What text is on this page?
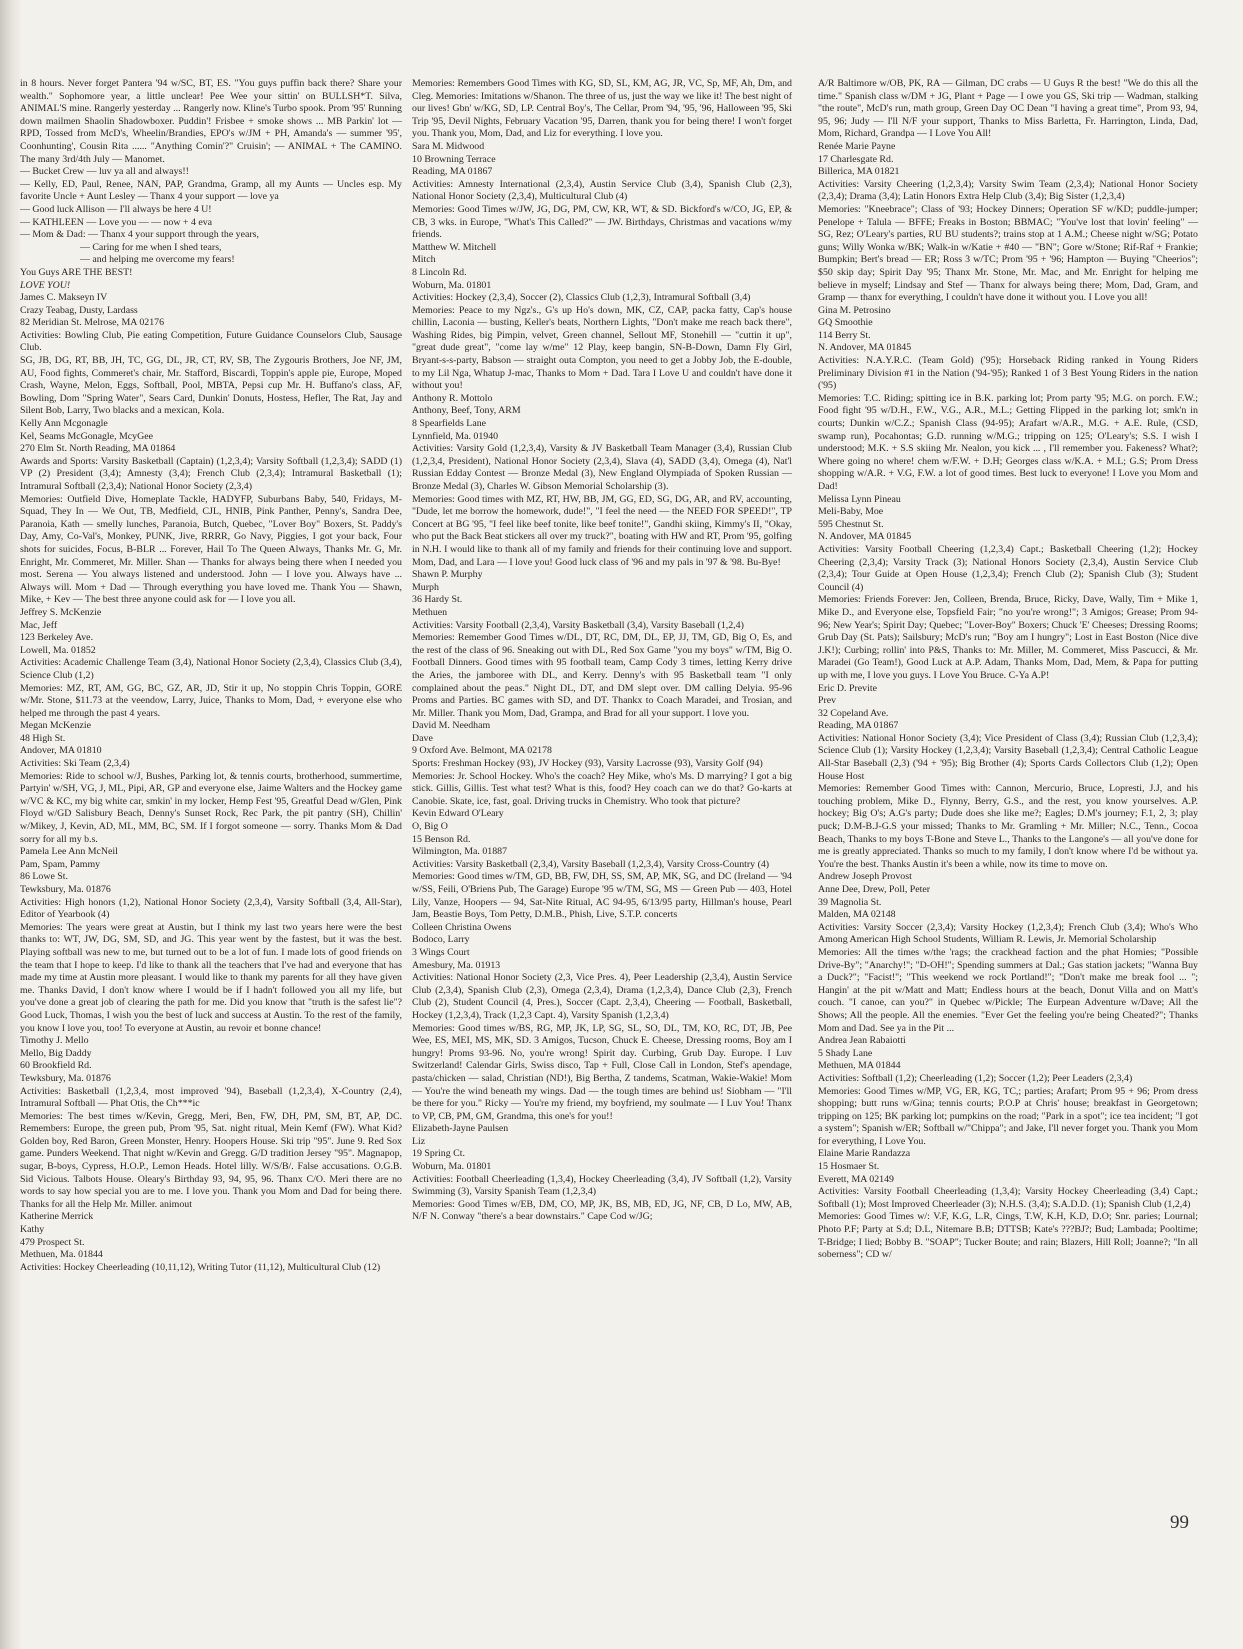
in 8 hours. Never forget Pantera '94 w/SC, BT, ES. "You guys puffin back there? Share your wealth." Sophomore year, a little unclear! Pee Wee your sittin' on BULLSH*T. Silva, ANIMAL'S mine. Rangerly yesterday ... Rangerly now. Kline's Turbo spook. Prom '95' Running down mailmen Shaolin Shadowboxer. Puddin'! Frisbee + smoke shows ... MB Parkin' lot — RPD, Tossed from McD's, Wheelin/Brandies, EPO's w/JM + PH, Amanda's — summer '95', Coonhunting', Cousin Rita ...... "Anything Comin'?" Cruisin'; — ANIMAL + The CAMINO. The many 3rd/4th July — Manomet.

— Bucket Crew — luv ya all and always!!

— Kelly, ED, Paul, Renee, NAN, PAP, Grandma, Gramp, all my Aunts — Uncles esp. My favorite Uncle + Aunt Lesley — Thanx 4 your support — love ya

— Good luck Allison — I'll always be here 4 U!

— KATHLEEN — Love you — — now + 4 eva

— Mom & Dad: — Thanx 4 your support through the years,

— Caring for me when I shed tears,

— and helping me overcome my fears!

You Guys ARE THE BEST!

LOVE YOU!

James C. Makseyn IV

Crazy Teabag, Dusty, Lardass

82 Meridian St. Melrose, MA 02176

Activities: Bowling Club, Pie eating Competition, Future Guidance Counselors Club, Sausage Club.

SG, JB, DG, RT, BB, JH, TC, GG, DL, JR, CT, RV, SB, The Zygouris Brothers, Joe NF, JM, AU, Food fights, Commeret's chair, Mr. Stafford, Biscardi, Toppin's apple pie, Europe, Moped Crash, Wayne, Melon, Eggs, Softball, Pool, MBTA, Pepsi cup Mr. H. Buffano's class, AF, Bowling, Dom "Spring Water", Sears Card, Dunkin' Donuts, Hostess, Hefler, The Rat, Jay and Silent Bob, Larry, Two blacks and a mexican, Kola.

Kelly Ann Mcgonagle

Kel, Seams McGonagle, McyGee

270 Elm St. North Reading, MA 01864

Awards and Sports: Varsity Basketball (Captain) (1,2,3,4); Varsity Softball (1,2,3,4); SADD (1) VP (2) President (3,4); Amnesty (3,4); French Club (2,3,4); Intramural Basketball (1); Intramural Softball (2,3,4); National Honor Society (2,3,4)

Memories: Outfield Dive, Homeplate Tackle, HADYFP, Suburbans Baby, 540, Fridays, M-Squad, They In — We Out, TB, Medfield, CJL, HNIB, Pink Panther, Penny's, Sandra Dee, Paranoia, Kath — smelly lunches, Paranoia, Butch, Quebec, "Lover Boy" Boxers, St. Paddy's Day, Amy, Co-Val's, Monkey, PUNK, Jive, RRRR, Go Navy, Piggies, I got your back, Four shots for suicides, Focus, B-BLR ... Forever, Hail To The Queen Always, Thanks Mr. G, Mr. Enright, Mr. Commeret, Mr. Miller. Shan — Thanks for always being there when I needed you most. Serena — You always listened and understood. John — I love you. Always have ... Always will. Mom + Dad — Through everything you have loved me. Thank You — Shawn, Mike, + Kev — The best three anyone could ask for — I love you all.

Jeffrey S. McKenzie

Mac, Jeff

123 Berkeley Ave.

Lowell, Ma. 01852

Activities: Academic Challenge Team (3,4), National Honor Society (2,3,4), Classics Club (3,4), Science Club (1,2)

Memories: MZ, RT, AM, GG, BC, GZ, AR, JD, Stir it up, No stoppin Chris Toppin, GORE w/Mr. Stone, $11.73 at the veendow, Larry, Juice, Thanks to Mom, Dad, + everyone else who helped me through the past 4 years.

Megan McKenzie

48 High St.

Andover, MA 01810

Activities: Ski Team (2,3,4)

Memories: Ride to school w/J, Bushes, Parking lot, & tennis courts, brotherhood, summertime, Partyin' w/SH, VG, J, ML, Pipi, AR, GP and everyone else, Jaime Walters and the Hockey game w/VC & KC, my big white car, smkin' in my locker, Hemp Fest '95, Greatful Dead w/Glen, Pink Floyd w/GD Salisbury Beach, Denny's Sunset Rock, Rec Park, the pit pantry (SH), Chillin' w/Mikey, J, Kevin, AD, ML, MM, BC, SM. If I forgot someone — sorry. Thanks Mom & Dad sorry for all my b.s.

Pamela Lee Ann McNeil

Pam, Spam, Pammy

86 Lowe St.

Tewksbury, Ma. 01876

Activities: High honors (1,2), National Honor Society (2,3,4), Varsity Softball (3,4, All-Star), Editor of Yearbook (4)

Memories: The years were great at Austin, but I think my last two years here were the best thanks to: WT, JW, DG, SM, SD, and JG. This year went by the fastest, but it was the best. Playing softball was new to me, but turned out to be a lot of fun. I made lots of good friends on the team that I hope to keep. I'd like to thank all the teachers that I've had and everyone that has made my time at Austin more pleasant. I would like to thank my parents for all they have given me. Thanks David, I don't know where I would be if I hadn't followed you all my life, but you've done a great job of clearing the path for me. Did you know that "truth is the safest lie"? Good Luck, Thomas, I wish you the best of luck and success at Austin. To the rest of the family, you know I love you, too! To everyone at Austin, au revoir et bonne chance!

Timothy J. Mello

Mello, Big Daddy

60 Brookfield Rd.

Tewksbury, Ma. 01876

Activities: Basketball (1,2,3,4, most improved '94), Baseball (1,2,3,4), X-Country (2,4), Intramural Softball — Phat Otis, the Ch***ic

Memories: The best times w/Kevin, Gregg, Meri, Ben, FW, DH, PM, SM, BT, AP, DC. Remembers: Europe, the green pub, Prom '95, Sat. night ritual, Mein Kemf (FW). What Kid? Golden boy, Red Baron, Green Monster, Henry. Hoopers House. Ski trip "95". June 9. Red Sox game. Punders Weekend. That night w/Kevin and Gregg. G/D tradition Jersey "95". Magnapop, sugar, B-boys, Cypress, H.O.P., Lemon Heads. Hotel lilly. W/S/B/. False accusations. O.G.B. Sid Vicious. Talbots House. Oleary's Birthday 93, 94, 95, 96. Thanx C/O. Meri there are no words to say how special you are to me. I love you. Thank you Mom and Dad for being there. Thanks for all the Help Mr. Miller. animout

Katherine Merrick

Kathy

479 Prospect St.

Methuen, Ma. 01844

Activities: Hockey Cheerleading (10,11,12), Writing Tutor (11,12), Multicultural Club (12)

Memories: Remembers Good Times with KG, SD, SL, KM, AG, JR, VC, Sp, MF, Ah, Dm, and Cleg. Memories: Imitations w/Shanon. The three of us, just the way we like it! The best night of our lives! Gbn' w/KG, SD, LP. Central Boy's, The Cellar, Prom '94, '95, '96, Halloween '95, Ski Trip '95, Devil Nights, February Vacation '95, Darren, thank you for being there! I won't forget you. Thank you, Mom, Dad, and Liz for everything. I love you.

Sara M. Midwood

10 Browning Terrace

Reading, MA 01867

Activities: Amnesty International (2,3,4), Austin Service Club (3,4), Spanish Club (2,3), National Honor Society (2,3,4), Multicultural Club (4)

Memories: Good Times w/JW, JG, DG, PM, CW, KR, WT, & SD. Bickford's w/CO, JG, EP, & CB, 3 wks. in Europe, "What's This Called?" — JW. Birthdays, Christmas and vacations w/my friends.

Matthew W. Mitchell

Mitch

8 Lincoln Rd.

Woburn, Ma. 01801

Activities: Hockey (2,3,4), Soccer (2), Classics Club (1,2,3), Intramural Softball (3,4)

Memories: Peace to my Ngz's., G's up Ho's down, MK, CZ, CAP, packa fatty, Cap's house chillin, Laconia — busting, Keller's beats, Northern Lights, "Don't make me reach back there", Washing Rides, big Pimpin, velvet, Green channel, Sellout MF, Stonehill — "cuttin it up", "great dude great", "come lay w/me" 12 Play, keep bangin, SN-B-Down, Damn Fly Girl, Bryant-s-s-party, Babson — straight outa Compton, you need to get a Jobby Job, the E-double, to my Lil Nga, Whatup J-mac, Thanks to Mom + Dad. Tara I Love U and couldn't have done it without you!

Anthony R. Mottolo

Anthony, Beef, Tony, ARM

8 Spearfields Lane

Lynnfield, Ma. 01940

Activities: Varsity Gold (1,2,3,4), Varsity & JV Basketball Team Manager (3,4), Russian Club (1,2,3,4, President), National Honor Society (2,3,4), Slava (4), SADD (3,4), Omega (4), Nat'l Russian Edday Contest — Bronze Medal (3), New England Olympiada of Spoken Russian — Bronze Medal (3), Charles W. Gibson Memorial Scholarship (3).

Memories: Good times with MZ, RT, HW, BB, JM, GG, ED, SG, DG, AR, and RV, accounting, "Dude, let me borrow the homework, dude!", "I feel the need — the NEED FOR SPEED!", TP Concert at BG '95, "I feel like beef tonite, like beef tonite!", Gandhi skiing, Kimmy's II, "Okay, who put the Back Beat stickers all over my truck?", boating with HW and RT, Prom '95, golfing in N.H. I would like to thank all of my family and friends for their continuing love and support. Mom, Dad, and Lara — I love you! Good luck class of '96 and my pals in '97 & '98. Bu-Bye!

Shawn P. Murphy

Murph

36 Hardy St.

Methuen

Activities: Varsity Football (2,3,4), Varsity Basketball (3,4), Varsity Baseball (1,2,4)

Memories: Remember Good Times w/DL, DT, RC, DM, DL, EP, JJ, TM, GD, Big O, Es, and the rest of the class of 96. Sneaking out with DL, Red Sox Game "you my boys" w/TM, Big O. Football Dinners. Good times with 95 football team, Camp Cody 3 times, letting Kerry drive the Aries, the jamboree with DL, and Kerry. Denny's with 95 Basketball team "I only complained about the peas." Night DL, DT, and DM slept over. DM calling Delyia. 95-96 Proms and Parties. BC games with SD, and DT. Thankx to Coach Maradei, and Trosian, and Mr. Miller. Thank you Mom, Dad, Grampa, and Brad for all your support. I love you.

David M. Needham

Dave

9 Oxford Ave. Belmont, MA 02178

Sports: Freshman Hockey (93), JV Hockey (93), Varsity Lacrosse (93), Varsity Golf (94)

Memories: Jr. School Hockey. Who's the coach? Hey Mike, who's Ms. D marrying? I got a big stick. Gillis, Gillis. Test what test? What is this, food? Hey coach can we do that? Go-karts at Canobie. Skate, ice, fast, goal. Driving trucks in Chemistry. Who took that picture?

Kevin Edward O'Leary

O, Big O

15 Benson Rd.

Wilmington, Ma. 01887

Activities: Varsity Basketball (2,3,4), Varsity Baseball (1,2,3,4), Varsity Cross-Country (4)

Memories: Good times w/TM, GD, BB, FW, DH, SS, SM, AP, MK, SG, and DC (Ireland — '94 w/SS, Feili, O'Briens Pub, The Garage) Europe '95 w/TM, SG, MS — Green Pub — 403, Hotel Lily, Vanze, Hoopers — 94, Sat-Nite Ritual, AC 94-95, 6/13/95 party, Hillman's house, Pearl Jam, Beastie Boys, Tom Petty, D.M.B., Phish, Live, S.T.P. concerts

Colleen Christina Owens

Bodoco, Larry

3 Wings Court

Amesbury, Ma. 01913

Activities: National Honor Society (2,3, Vice Pres. 4), Peer Leadership (2,3,4), Austin Service Club (2,3,4), Spanish Club (2,3), Omega (2,3,4), Drama (1,2,3,4), Dance Club (2,3), French Club (2), Student Council (4, Pres.), Soccer (Capt. 2,3,4), Cheering — Football, Basketball, Hockey (1,2,3,4), Track (1,2,3 Capt. 4), Varsity Spanish (1,2,3,4)

Memories: Good times w/BS, RG, MP, JK, LP, SG, SL, SO, DL, TM, KO, RC, DT, JB, Pee Wee, ES, MEI, MS, MK, SD. 3 Amigos, Tucson, Chuck E. Cheese, Dressing rooms, Boy am I hungry! Proms 93-96. No, you're wrong! Spirit day. Curbing, Grub Day. Europe. I Luv Switzerland! Calendar Girls, Swiss disco, Tap + Full, Close Call in London, Stef's apendage, pasta/chicken — salad, Christian (ND!), Big Bertha, Z tandems, Scatman, Wakie-Wakie! Mom — You're the wind beneath my wings. Dad — the tough times are behind us! Siobham — "I'll be there for you." Ricky — You're my friend, my boyfriend, my soulmate — I Luv You! Thanx to VP, CB, PM, GM, Grandma, this one's for you!!

Elizabeth-Jayne Paulsen

Liz

19 Spring Ct.

Woburn, Ma. 01801

Activities: Football Cheerleading (1,3,4), Hockey Cheerleading (3,4), JV Softball (1,2), Varsity Swimming (3), Varsity Spanish Team (1,2,3,4)

Memories: Good Times w/EB, DM, CO, MP, JK, BS, MB, ED, JG, NF, CB, D Lo, MW, AB, N/F N. Conway "there's a bear downstairs." Cape Cod w/JG;

A/R Baltimore w/OB, PK, RA — Gilman, DC crabs — U Guys R the best! "We do this all the time." Spanish class w/DM + JG, Plant + Page — I owe you GS, Ski trip — Wadman, stalking "the route", McD's run, math group, Green Day OC Dean "I having a great time", Prom 93, 94, 95, 96; Judy — I'll N/F your support, Thanks to Miss Barletta, Fr. Harrington, Linda, Dad, Mom, Richard, Grandpa — I Love You All!

Renée Marie Payne

17 Charlesgate Rd.

Billerica, MA 01821

Activities: Varsity Cheering (1,2,3,4); Varsity Swim Team (2,3,4); National Honor Society (2,3,4); Drama (3,4); Latin Honors Extra Help Club (3,4); Big Sister (1,2,3,4)

Memories: "Kneebrace"; Class of '93; Hockey Dinners; Operation SF w/KD; puddle-jumper; Penelope + Talula — BFFE; Freaks in Boston; BBMAC; "You've lost that lovin' feeling" — SG, Rez; O'Leary's parties, RU BU students?; trains stop at 1 A.M.; Cheese night w/SG; Potato guns; Willy Wonka w/BK; Walk-in w/Katie + #40 — "BN"; Gore w/Stone; Rif-Raf + Frankie; Bumpkin; Bert's bread — ER; Ross 3 w/TC; Prom '95 + '96; Hampton — Buying "Cheerios"; $50 skip day; Spirit Day '95; Thanx Mr. Stone, Mr. Mac, and Mr. Enright for helping me believe in myself; Lindsay and Stef — Thanx for always being there; Mom, Dad, Gram, and Gramp — thanx for everything, I couldn't have done it without you. I Love you all!

Gina M. Petrosino

GQ Smoothie

114 Berry St.

N. Andover, MA 01845

Activities: N.A.Y.R.C. (Team Gold) ('95); Horseback Riding ranked in Young Riders Preliminary Division #1 in the Nation ('94-'95); Ranked 1 of 3 Best Young Riders in the nation ('95)

Memories: T.C. Riding; spitting ice in B.K. parking lot; Prom party '95; M.G. on porch. F.W.; Food fight '95 w/D.H., F.W., V.G., A.R., M.L.; Getting Flipped in the parking lot; smk'n in courts; Dunkin w/C.Z.; Spanish Class (94-95); Arafart w/A.R., M.G. + A.E. Rule, (CSD, swamp run), Pocahontas; G.D. running w/M.G.; tripping on 125; O'Leary's; S.S. I wish I understood; M.K. + S.S skiing Mr. Nealon, you kick ... , I'll remember you. Fakeness? What?; Where going no where! chem w/F.W. + D.H; Georges class w/K.A. + M.L; G.S; Prom Dress shopping w/A.R. + V.G, F.W. a lot of good times. Best luck to everyone! I Love you Mom and Dad!

Melissa Lynn Pineau

Meli-Baby, Moe

595 Chestnut St.

N. Andover, MA 01845

Activities: Varsity Football Cheering (1,2,3,4) Capt.; Basketball Cheering (1,2); Hockey Cheering (2,3,4); Varsity Track (3); National Honors Society (2,3,4), Austin Service Club (2,3,4); Tour Guide at Open House (1,2,3,4); French Club (2); Spanish Club (3); Student Council (4)

Memories: Friends Forever: Jen, Colleen, Brenda, Bruce, Ricky, Dave, Wally, Tim + Mike 1, Mike D., and Everyone else, Topsfield Fair; "no you're wrong!"; 3 Amigos; Grease; Prom 94-96; New Year's; Spirit Day; Quebec; "Lover-Boy" Boxers; Chuck 'E' Cheeses; Dressing Rooms; Grub Day (St. Pats); Sailsbury; McD's run; "Boy am I hungry"; Lost in East Boston (Nice dive J.K!); Curbing; rollin' into P&S, Thanks to: Mr. Miller, M. Commeret, Miss Pascucci, & Mr. Maradei (Go Team!), Good Luck at A.P. Adam, Thanks Mom, Dad, Mem, & Papa for putting up with me, I love you guys. I Love You Bruce. C-Ya A.P!

Eric D. Previte

Prev

32 Copeland Ave.

Reading, MA 01867

Activities: National Honor Society (3,4); Vice President of Class (3,4); Russian Club (1,2,3,4); Science Club (1); Varsity Hockey (1,2,3,4); Varsity Baseball (1,2,3,4); Central Catholic League All-Star Baseball (2,3) ('94 + '95); Big Brother (4); Sports Cards Collectors Club (1,2); Open House Host

Memories: Remember Good Times with: Cannon, Mercurio, Bruce, Lopresti, J.J, and his touching problem, Mike D., Flynny, Berry, G.S., and the rest, you know yourselves. A.P. hockey; Big O's; A.G's party; Dude does she like me?; Eagles; D.M's journey; F.1, 2, 3; play puck; D.M-B.J-G.S your missed; Thanks to Mr. Gramling + Mr. Miller; N.C., Tenn., Cocoa Beach, Thanks to my boys T-Bone and Steve L., Thanks to the Langone's — all you've done for me is greatly appreciated. Thanks so much to my family, I don't know where I'd be without ya. You're the best. Thanks Austin it's been a while, now its time to move on.

Andrew Joseph Provost

Anne Dee, Drew, Poll, Peter

39 Magnolia St.

Malden, MA 02148

Activities: Varsity Soccer (2,3,4); Varsity Hockey (1,2,3,4); French Club (3,4); Who's Who Among American High School Students, William R. Lewis, Jr. Memorial Scholarship

Memories: All the times w/the 'rags; the crackhead faction and the phat Homies; "Possible Drive-By"; "Anarchy!"; "D-OH!"; Spending summers at Dal.; Gas station jackets; "Wanna Buy a Duck?"; "Facist!"; "This weekend we rock Portland!"; "Don't make me break fool ... "; Hangin' at the pit w/Matt and Matt; Endless hours at the beach, Donut Villa and on Matt's couch. "I canoe, can you?" in Quebec w/Pickle; The Eurpean Adventure w/Dave; All the Shows; All the people. All the enemies. "Ever Get the feeling you're being Cheated?"; Thanks Mom and Dad. See ya in the Pit ...

Andrea Jean Rabaiotti

5 Shady Lane

Methuen, MA 01844

Activities: Softball (1,2); Cheerleading (1,2); Soccer (1,2); Peer Leaders (2,3,4)

Memories: Good Times w/MP, VG, ER, KG, TC,; parties; Arafart; Prom 95 + 96; Prom dress shopping; butt runs w/Gina; tennis courts; P.O.P at Chris' house; breakfast in Georgetown; tripping on 125; BK parking lot; pumpkins on the road; "Park in a spot"; ice tea incident; "I got a system"; Spanish w/ER; Softball w/"Chippa"; and Jake, I'll never forget you. Thank you Mom for everything, I Love You.

Elaine Marie Randazza

15 Hosmaer St.

Everett, MA 02149

Activities: Varsity Football Cheerleading (1,3,4); Varsity Hockey Cheerleading (3,4) Capt.; Softball (1); Most Improved Cheerleader (3); N.H.S. (3,4); S.A.D.D. (1); Spanish Club (1,2,4)

Memories: Good Times w/: V.F, K.G, L.R, Cings, T.W, K.H, K.D, D.O; Snr. paries; Lournal; Photo P.F; Party at S.d; D.L, Nitemare B.B; DTTSB; Kate's ???BJ?; Bud; Lambada; Pooltime; T-Bridge; I lied; Bobby B. "SOAP"; Tucker Boute; and rain; Blazers, Hill Roll; Joanne?; "In all soberness"; CD w/

99
